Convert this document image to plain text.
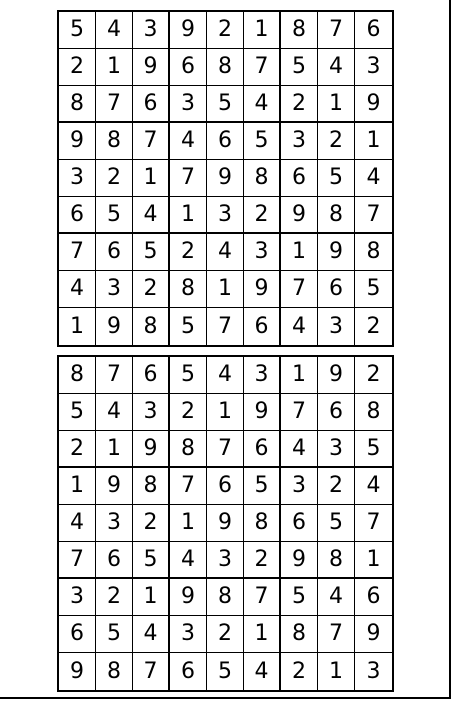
5	4	3	9	2	1	8	7	6
2	1	9	6	8	7	5	4	3
8	7	6	3	5	4	2	1	9
9	8	7	4	6	5	3	2	1
3	2	1	7	9	8	6	5	4
6	5	4	1	3	2	9	8	7
7	6	5	2	4	3	1	9	8
4	3	2	8	1	9	7	6	5
1	9	8	5	7	6	4	3	2
8	7	6	5	4	3	1	9	2
5	4	3	2	1	9	7	6	8
2	1	9	8	7	6	4	3	5
1	9	8	7	6	5	3	2	4
4	3	2	1	9	8	6	5	7
7	6	5	4	3	2	9	8	1
3	2	1	9	8	7	5	4	6
6	5	4	3	2	1	8	7	9
9	8	7	6	5	4	2	1	3
